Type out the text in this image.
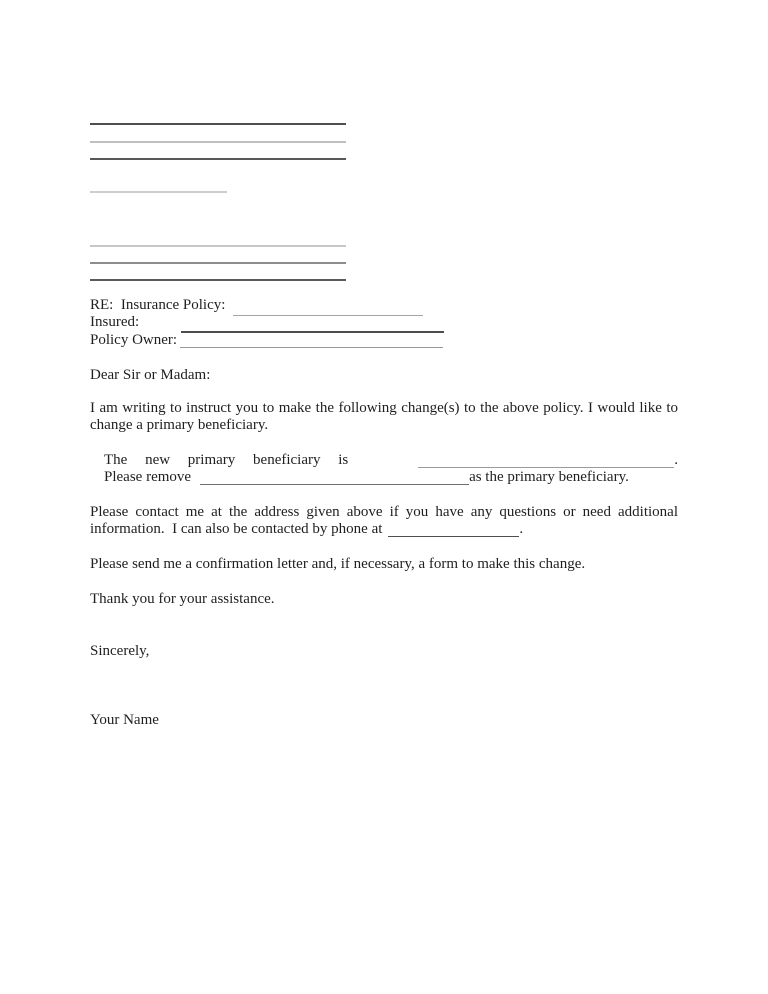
RE:  Insurance Policy:
Insured:
Policy Owner:
Dear Sir or Madam:
I am writing to instruct you to make the following change(s) to the above policy. I would like to
change a primary beneficiary.
The new primary beneficiary is	.
Please remove	as the primary beneficiary.
Please contact me at the address given above if you have any questions or need additional
information.  I can also be contacted by phone at	.
Please send me a confirmation letter and, if necessary, a form to make this change.
Thank you for your assistance.
Sincerely,
Your Name
